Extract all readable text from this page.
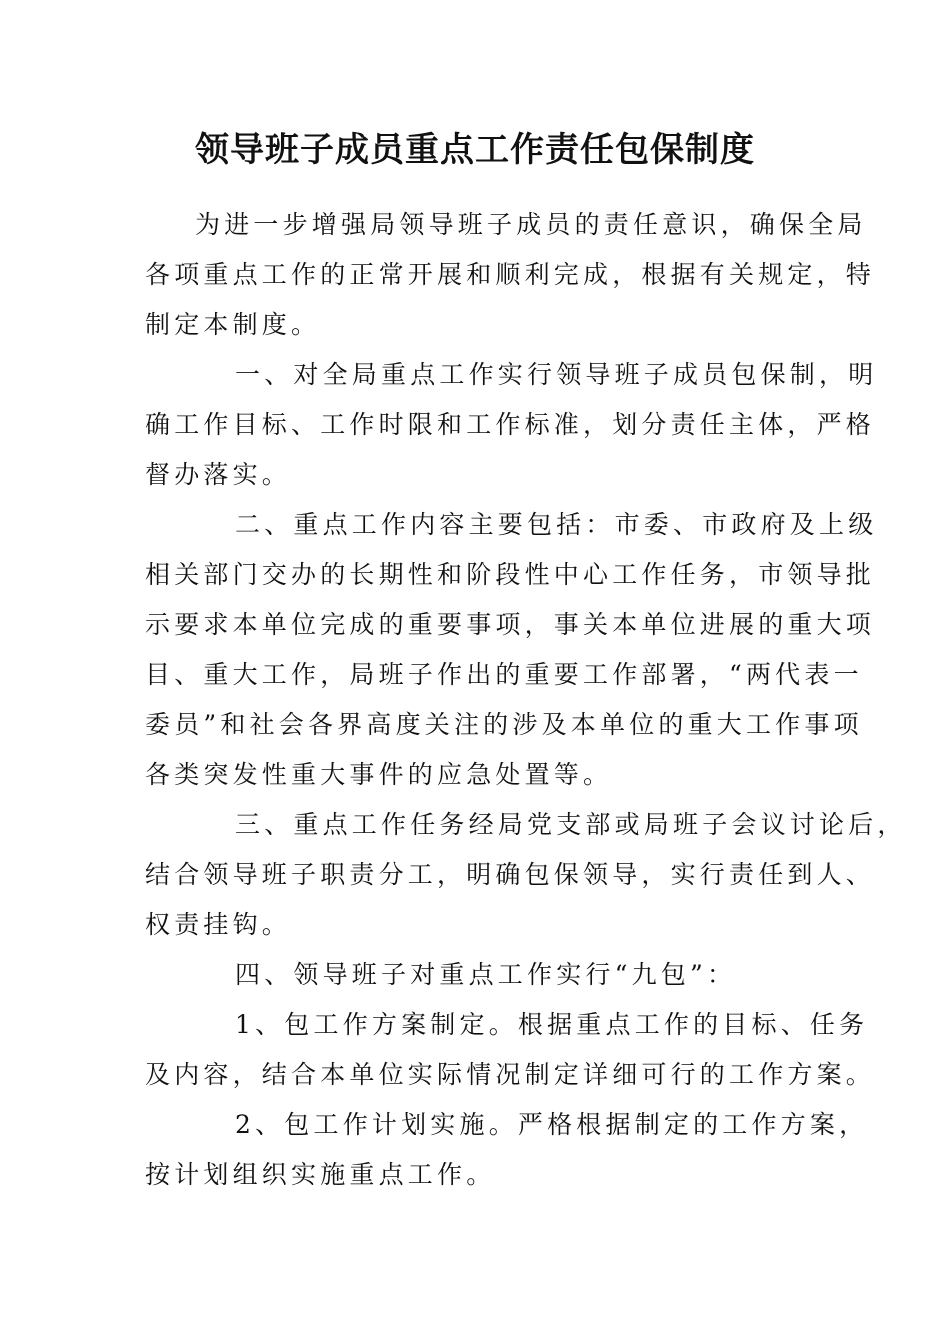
领导班子成员重点工作责任包保制度

为进一步增强局领导班子成员的责任意识，确保全局

各项重点工作的正常开展和顺利完成，根据有关规定，特

制定本制度。

一、对全局重点工作实行领导班子成员包保制，明

确工作目标、工作时限和工作标准，划分责任主体，严格

督办落实。

二、重点工作内容主要包括：市委、市政府及上级

相关部门交办的长期性和阶段性中心工作任务，市领导批

示要求本单位完成的重要事项，事关本单位进展的重大项

目、重大工作，局班子作出的重要工作部署，“两代表一

委员”和社会各界高度关注的涉及本单位的重大工作事项

各类突发性重大事件的应急处置等。

三、重点工作任务经局党支部或局班子会议讨论后，

结合领导班子职责分工，明确包保领导，实行责任到人、

权责挂钩。

四、领导班子对重点工作实行“九包”：

1、包工作方案制定。根据重点工作的目标、任务

及内容，结合本单位实际情况制定详细可行的工作方案。

2、包工作计划实施。严格根据制定的工作方案，

按计划组织实施重点工作。
